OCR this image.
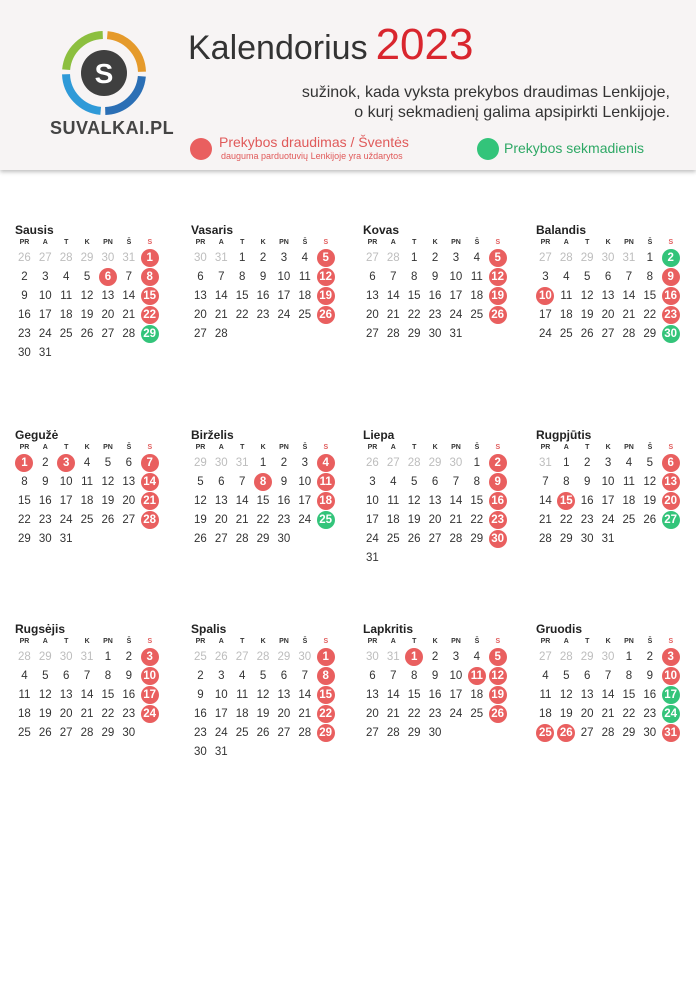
S
SUVALKAI.PL
Kalendorius 2023
sužinok, kada vyksta prekybos draudimas Lenkijoje,
o kurį sekmadienį galima apsipirkti Lenkijoje.
Prekybos draudimas / Šventės
dauguma parduotuvių Lenkijoje yra uždarytos	Prekybos sekmadienis
Sausis
PR	A	T	K	PN	Š	S
26 27 28 29 30 31 1
2	3	4	5	6	7	8
9 10 11 12 13 14 15
16 17 18 19 20 21 22
23 24 25 26 27 28 29
30 31
Vasaris
PR	A	T	K	PN	Š	S
30 31 1	2	3	4	5
6	7	8	9 10 11 12
13 14 15 16 17 18 19
20 21 22 23 24 25 26
27 28
Kovas
PR	A	T	K	PN	Š	S
27 28 1	2	3	4	5
6	7	8	9 10 11 12
13 14 15 16 17 18 19
20 21 22 23 24 25 26
27 28 29 30 31
Balandis
PR	A	T	K	PN	Š	S
27 28 29 30 31 1	2
3	4	5	6	7	8	9
10 11 12 13 14 15 16
17 18 19 20 21 22 23
24 25 26 27 28 29 30
Gegužė
PR	A	T	K	PN	Š	S
1	2	3	4	5	6	7
8	9 10 11 12 13 14
15 16 17 18 19 20 21
22 23 24 25 26 27 28
29 30 31
Birželis
PR	A	T	K	PN	Š	S
29 30 31 1	2	3	4
5	6	7	8	9 10 11
12 13 14 15 16 17 18
19 20 21 22 23 24 25
26 27 28 29 30
Liepa
PR	A	T	K	PN	Š	S
26 27 28 29 30 1	2
3	4	5	6	7	8	9
10 11 12 13 14 15 16
17 18 19 20 21 22 23
24 25 26 27 28 29 30
31
Rugpjūtis
PR	A	T	K	PN	Š	S
31 1	2	3	4	5	6
7	8	9 10 11 12 13
14 15 16 17 18 19 20
21 22 23 24 25 26 27
28 29 30 31
Rugsėjis
PR	A	T	K	PN	Š	S
28 29 30 31 1	2	3
4	5	6	7	8	9 10
11 12 13 14 15 16 17
18 19 20 21 22 23 24
25 26 27 28 29 30
Spalis
PR	A	T	K	PN	Š	S
25 26 27 28 29 30 1
2	3	4	5	6	7	8
9 10 11 12 13 14 15
16 17 18 19 20 21 22
23 24 25 26 27 28 29
30 31
Lapkritis
PR	A	T	K	PN	Š	S
30 31 1	2	3	4	5
6	7	8	9 10 11 12
13 14 15 16 17 18 19
20 21 22 23 24 25 26
27 28 29 30
Gruodis
PR	A	T	K	PN	Š	S
27 28 29 30 1	2	3
4	5	6	7	8	9 10
11 12 13 14 15 16 17
18 19 20 21 22 23 24
25 26 27 28 29 30 31
